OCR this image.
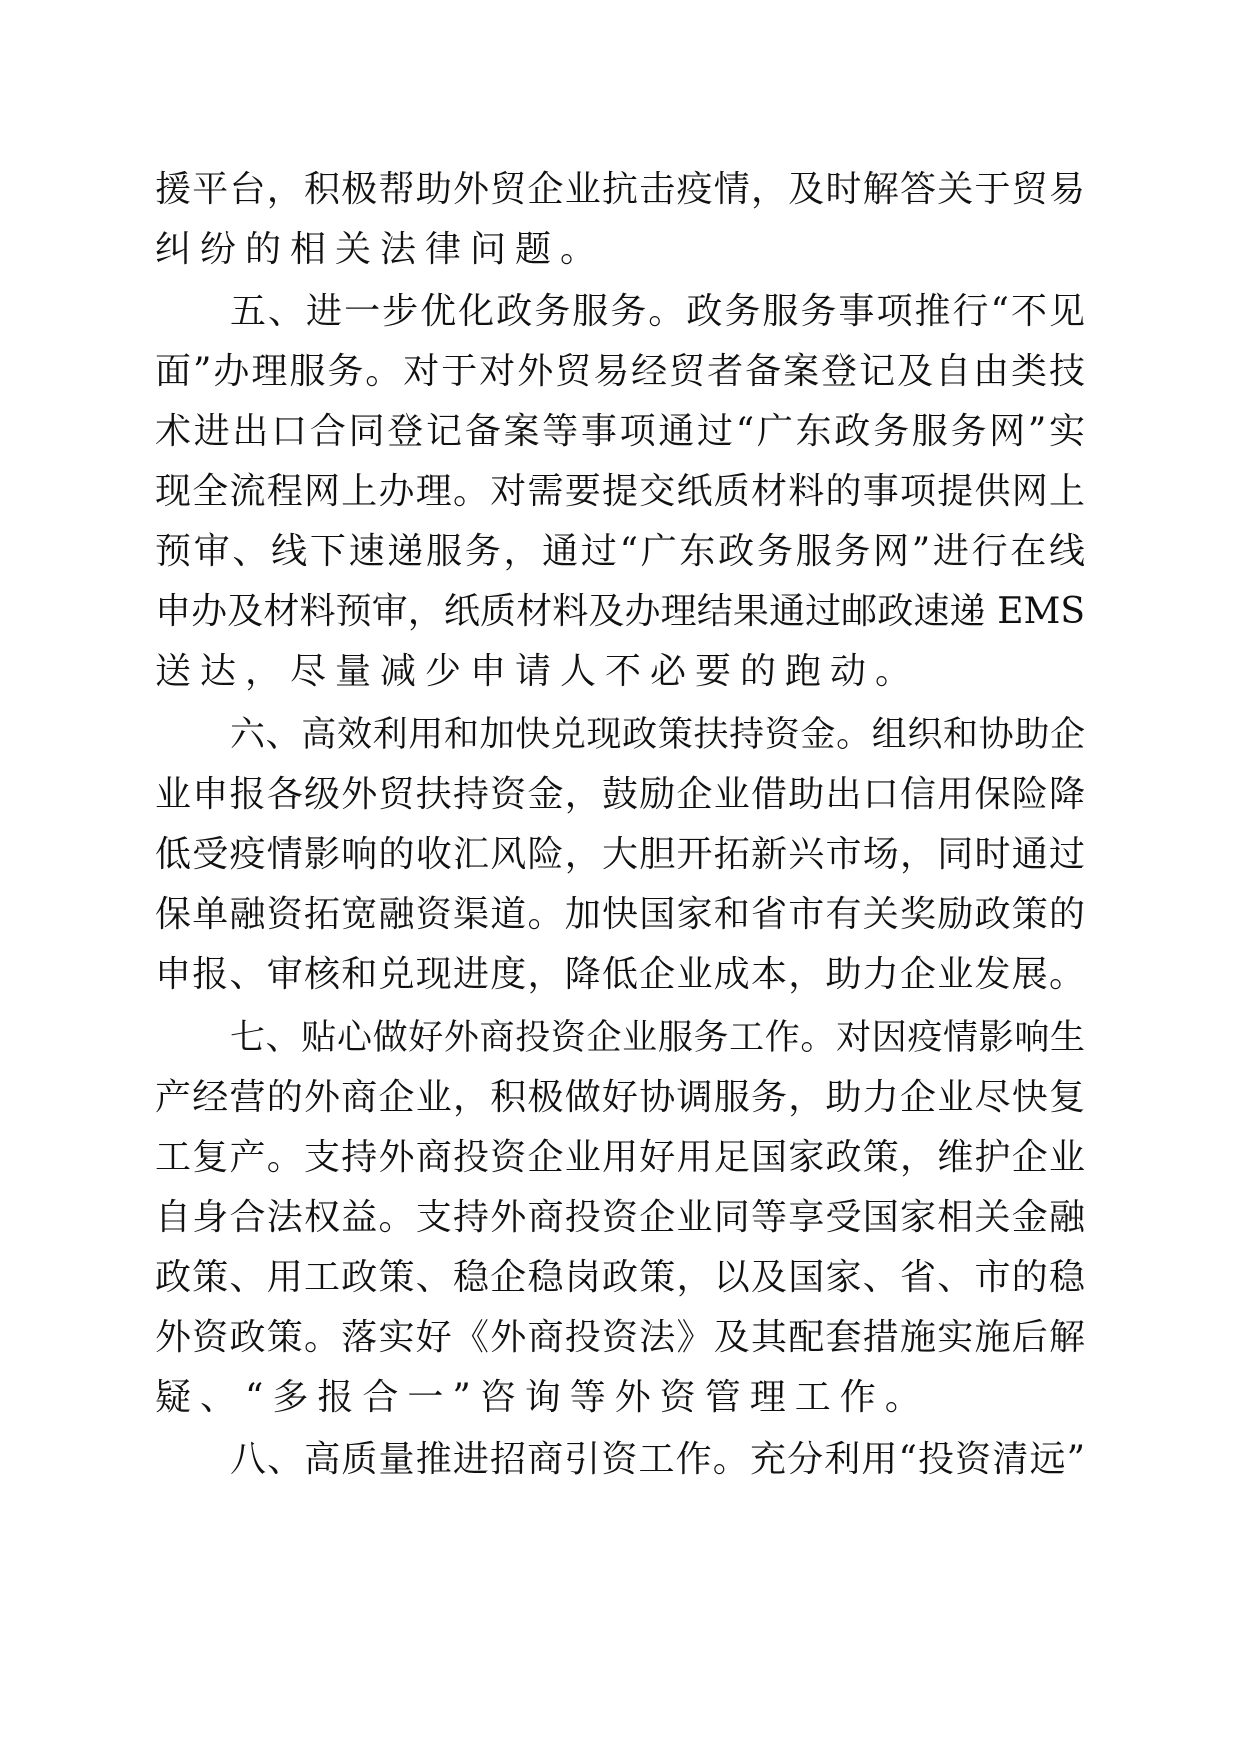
援平台，积极帮助外贸企业抗击疫情，及时解答关于贸易
纠纷的相关法律问题。
五、进一步优化政务服务。政务服务事项推行“不见
面”办理服务。对于对外贸易经贸者备案登记及自由类技
术进出口合同登记备案等事项通过“广东政务服务网”实
现全流程网上办理。对需要提交纸质材料的事项提供网上
预审、线下速递服务，通过“广东政务服务网”进行在线
申办及材料预审，纸质材料及办理结果通过邮政速递 EMS
送达，尽量减少申请人不必要的跑动。
六、高效利用和加快兑现政策扶持资金。组织和协助企
业申报各级外贸扶持资金，鼓励企业借助出口信用保险降
低受疫情影响的收汇风险，大胆开拓新兴市场，同时通过
保单融资拓宽融资渠道。加快国家和省市有关奖励政策的
申报、审核和兑现进度，降低企业成本，助力企业发展。
七、贴心做好外商投资企业服务工作。对因疫情影响生
产经营的外商企业，积极做好协调服务，助力企业尽快复
工复产。支持外商投资企业用好用足国家政策，维护企业
自身合法权益。支持外商投资企业同等享受国家相关金融
政策、用工政策、稳企稳岗政策，以及国家、省、市的稳
外资政策。落实好《外商投资法》及其配套措施实施后解
疑、“多报合一”咨询等外资管理工作。
八、高质量推进招商引资工作。充分利用“投资清远”
